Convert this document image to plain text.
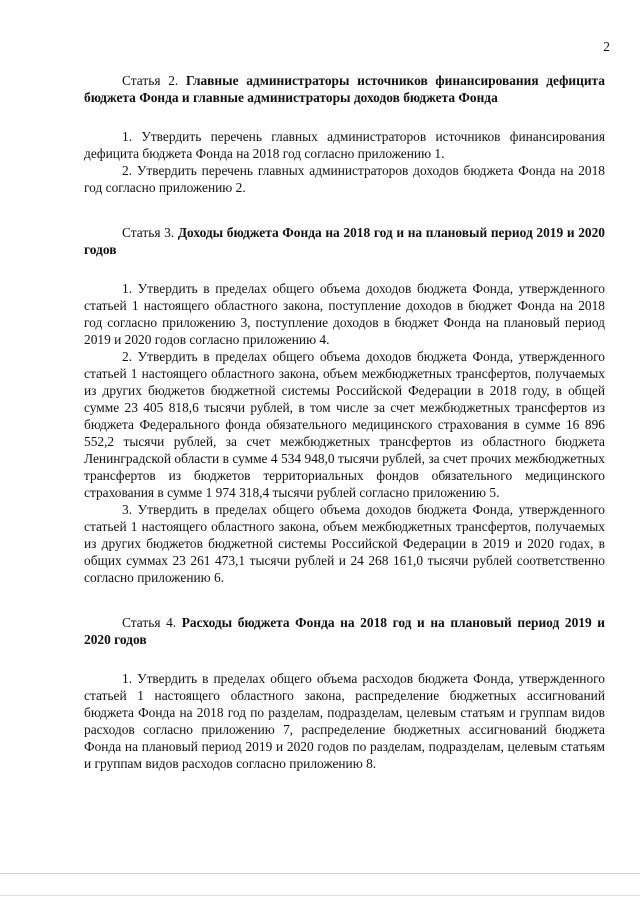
2
Статья 2. Главные администраторы источников финансирования дефицита бюджета Фонда и главные администраторы доходов бюджета Фонда

1. Утвердить перечень главных администраторов источников финансирования дефицита бюджета Фонда на 2018 год согласно приложению 1.

2. Утвердить перечень главных администраторов доходов бюджета Фонда на 2018 год согласно приложению 2.

Статья 3. Доходы бюджета Фонда на 2018 год и на плановый период 2019 и 2020 годов

1. Утвердить в пределах общего объема доходов бюджета Фонда, утвержденного статьей 1 настоящего областного закона, поступление доходов в бюджет Фонда на 2018 год согласно приложению 3, поступление доходов в бюджет Фонда на плановый период 2019 и 2020 годов согласно приложению 4.

2. Утвердить в пределах общего объема доходов бюджета Фонда, утвержденного статьей 1 настоящего областного закона, объем межбюджетных трансфертов, получаемых из других бюджетов бюджетной системы Российской Федерации в 2018 году, в общей сумме 23 405 818,6 тысячи рублей, в том числе за счет межбюджетных трансфертов из бюджета Федерального фонда обязательного медицинского страхования в сумме 16 896 552,2 тысячи рублей, за счет межбюджетных трансфертов из областного бюджета Ленинградской области в сумме 4 534 948,0 тысячи рублей, за счет прочих межбюджетных трансфертов из бюджетов территориальных фондов обязательного медицинского страхования в сумме 1 974 318,4 тысячи рублей согласно приложению 5.

3. Утвердить в пределах общего объема доходов бюджета Фонда, утвержденного статьей 1 настоящего областного закона, объем межбюджетных трансфертов, получаемых из других бюджетов бюджетной системы Российской Федерации в 2019 и 2020 годах, в общих суммах 23 261 473,1 тысячи рублей и 24 268 161,0 тысячи рублей соответственно согласно приложению 6.

Статья 4. Расходы бюджета Фонда на 2018 год и на плановый период 2019 и 2020 годов

1. Утвердить в пределах общего объема расходов бюджета Фонда, утвержденного статьей 1 настоящего областного закона, распределение бюджетных ассигнований бюджета Фонда на 2018 год по разделам, подразделам, целевым статьям и группам видов расходов согласно приложению 7, распределение бюджетных ассигнований бюджета Фонда на плановый период 2019 и 2020 годов по разделам, подразделам, целевым статьям и группам видов расходов согласно приложению 8.
